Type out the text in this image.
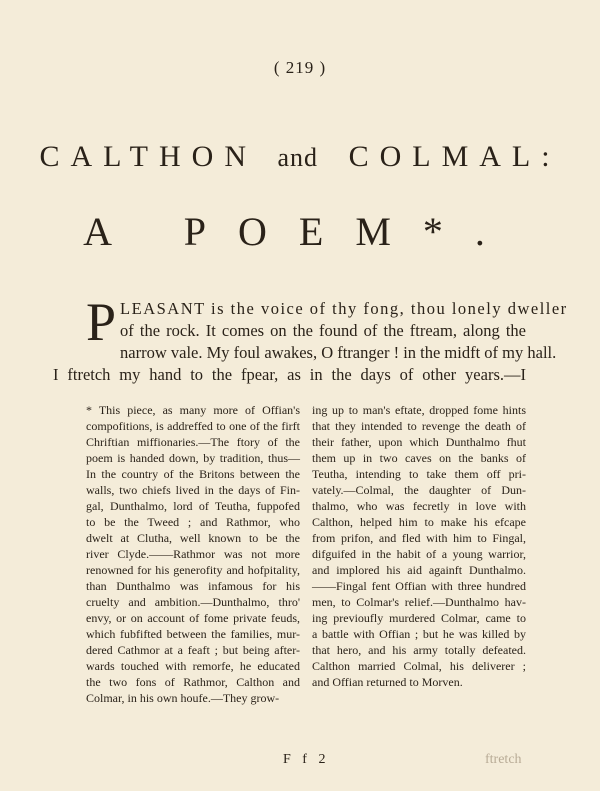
( 219 )
CALTHON and COLMAL:
A POEM*.
P LEASANT is the voice of thy fong, thou lonely dweller
of the rock. It comes on the found of the ftream, along the
narrow vale. My foul awakes, O ftranger ! in the midft of my hall.
I ftretch my hand to the fpear, as in the days of other years.—I
* This piece, as many more of Offian's
compofitions, is addreffed to one of the firft
Chriftian miffionaries.—The ftory of the
poem is handed down, by tradition, thus—
In the country of the Britons between the
walls, two chiefs lived in the days of Fin-
gal, Dunthalmo, lord of Teutha, fuppofed
to be the Tweed ; and Rathmor, who
dwelt at Clutha, well known to be the
river Clyde.——Rathmor was not more
renowned for his generofity and hofpitality,
than Dunthalmo was infamous for his
cruelty and ambition.—Dunthalmo, thro'
envy, or on account of fome private feuds,
which fubfifted between the families, mur-
dered Cathmor at a feaft ; but being after-
wards touched with remorfe, he educated
the two fons of Rathmor, Calthon and
Colmar, in his own houfe.—They grow-
ing up to man's eftate, dropped fome hints
that they intended to revenge the death of
their father, upon which Dunthalmo fhut
them up in two caves on the banks of
Teutha, intending to take them off pri-
vately.—Colmal, the daughter of Dun-
thalmo, who was fecretly in love with
Calthon, helped him to make his efcape
from prifon, and fled with him to Fingal,
difguifed in the habit of a young warrior,
and implored his aid againft Dunthalmo.
——Fingal fent Offian with three hundred
men, to Colmar's relief.—Dunthalmo hav-
ing previoufly murdered Colmar, came to
a battle with Offian ; but he was killed by
that hero, and his army totally defeated.
Calthon married Colmal, his deliverer ;
and Offian returned to Morven.
F f 2	ftretch
